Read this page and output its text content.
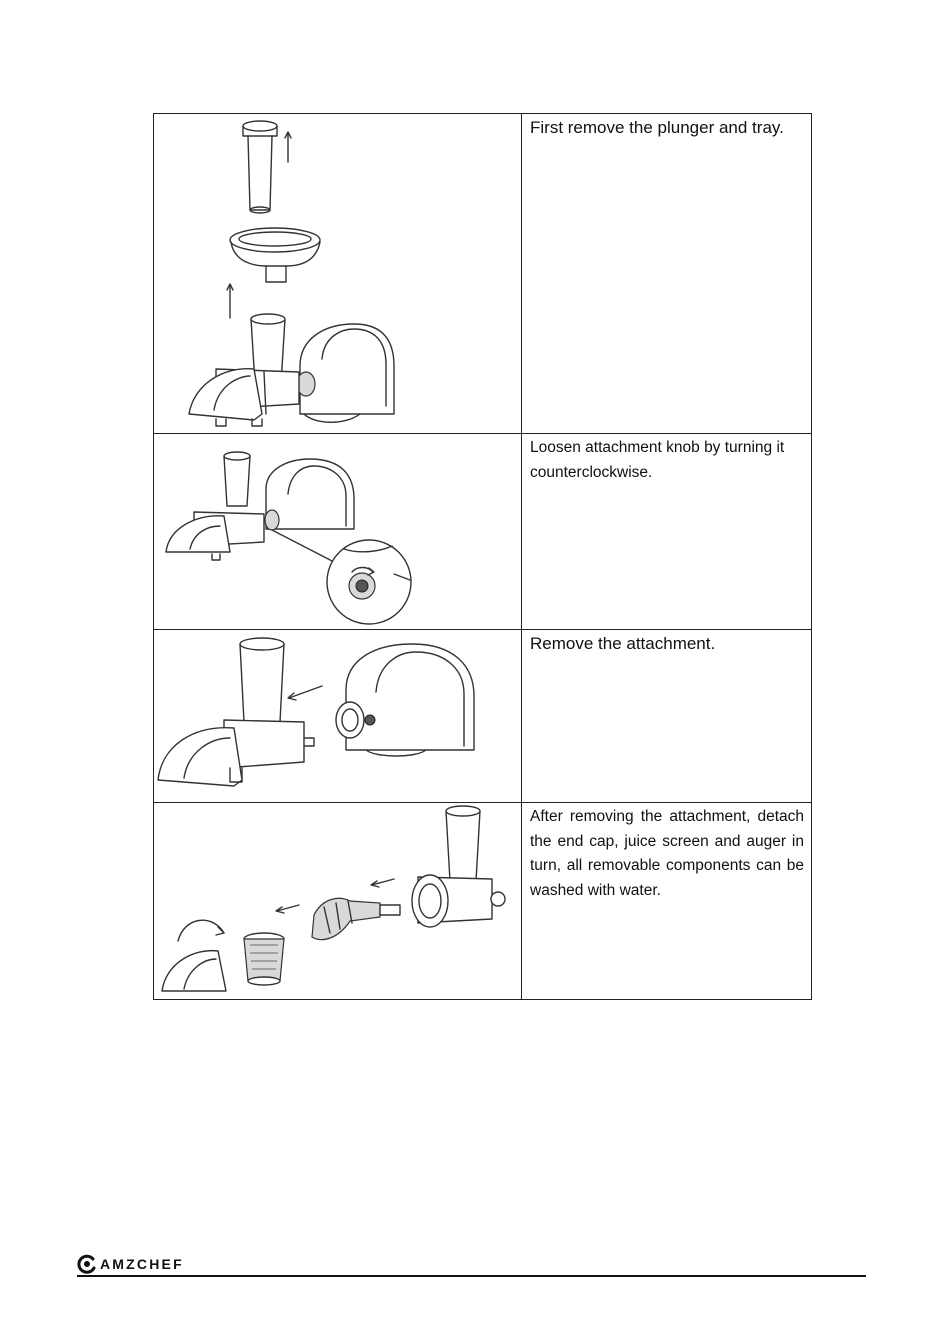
First remove the plunger and tray.

Loosen attachment knob by turning it counterclockwise.

Remove the attachment.

After removing the attachment, detach the end cap, juice screen and auger in turn, all removable components can be washed with water.

AMZCHEF
